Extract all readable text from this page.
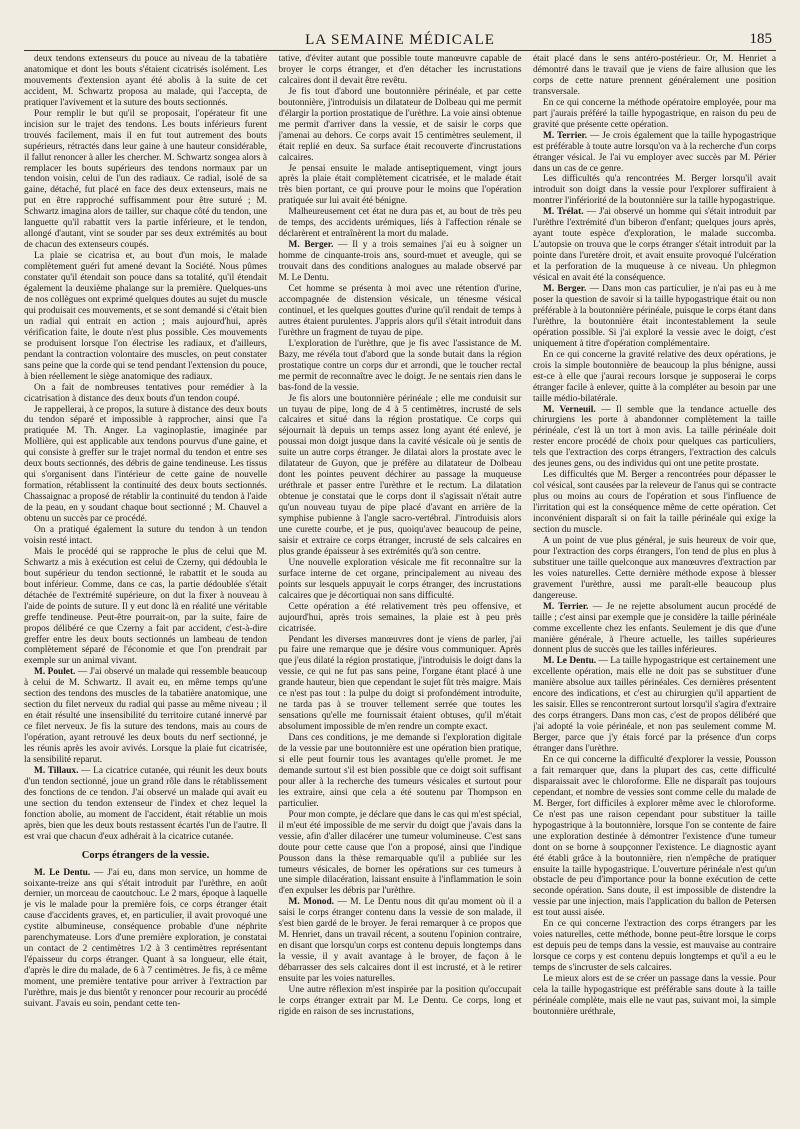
LA SEMAINE MÉDICALE	185

deux tendons extenseurs du pouce au niveau de la tabatière anatomique et dont les bouts s'étaient cicatrisés isolément. Les mouvements d'extension ayant été abolis à la suite de cet accident, M. Schwartz proposa au malade, qui l'accepta, de pratiquer l'avivement et la suture des bouts sectionnés.

Pour remplir le but qu'il se proposait, l'opérateur fit une incision sur le trajet des tendons. Les bouts inférieurs furent trouvés facilement, mais il en fut tout autrement des bouts supérieurs, rétractés dans leur gaine à une hauteur considérable, il fallut renoncer à aller les chercher. M. Schwartz songea alors à remplacer les bouts supérieurs des tendons normaux par un tendon voisin, celui de l'un des radiaux. Ce radial, isolé de sa gaine, détaché, fut placé en face des deux extenseurs, mais ne put en être rapproché suffisamment pour être suturé ; M. Schwartz imagina alors de tailler, sur chaque côté du tendon, une languette qu'il rabattit vers la partie inférieure, et le tendon, allongé d'autant, vint se souder par ses deux extrémités au bout de chacun des extenseurs coupés.

La plaie se cicatrisa et, au bout d'un mois, le malade complètement guéri fut amené devant la Société. Nous pûmes constater qu'il étendait son pouce dans sa totalité, qu'il étendait également la deuxième phalange sur la première. Quelques-uns de nos collègues ont exprimé quelques doutes au sujet du muscle qui produisait ces mouvements, et se sont demandé si c'était bien un radial qui entrait en action ; mais aujourd'hui, après vérification faite, le doute n'est plus possible. Ces mouvements se produisent lorsque l'on électrise les radiaux, et d'ailleurs, pendant la contraction volontaire des muscles, on peut constater sans peine que la corde qui se tend pendant l'extension du pouce, à bien réellement le siège anatomique des radiaux.

On a fait de nombreuses tentatives pour remédier à la cicatrisation à distance des deux bouts d'un tendon coupé.

Je rappellerai, à ce propos, la suture à distance des deux bouts du tendon séparé et impossible à rapprocher, ainsi que l'a pratiquée M. Th. Anger. La vaginoplastie, imaginée par Mollière, qui est applicable aux tendons pourvus d'une gaine, et qui consiste à greffer sur le trajet normal du tendon et entre ses deux bouts sectionnés, des débris de gaine tendineuse. Les tissus qui s'organisent dans l'intérieur de cette gaine de nouvelle formation, rétablissent la continuité des deux bouts sectionnés. Chassaignac a proposé de rétablir la continuité du tendon à l'aide de la peau, en y soudant chaque bout sectionné ; M. Chauvel a obtenu un succès par ce procédé.

On a pratiqué également la suture du tendon à un tendon voisin resté intact.

Mais le procédé qui se rapproche le plus de celui que M. Schwartz a mis à exécution est celui de Czerny, qui dédoubla le bout supérieur du tendon sectionné, le rabattit et le souda au bout inférieur. Comme, dans ce cas, la partie dédoublée s'était détachée de l'extrémité supérieure, on dut la fixer à nouveau à l'aide de points de suture. Il y eut donc là en réalité une véritable greffe tendineuse. Peut-être pourrait-on, par la suite, faire de propos délibéré ce que Czerny a fait par accident, c'est-à-dire greffer entre les deux bouts sectionnés un lambeau de tendon complètement séparé de l'économie et que l'on prendrait par exemple sur un animal vivant.

M. Poulet. — J'ai observé un malade qui ressemble beaucoup à celui de M. Schwartz. Il avait eu, en même temps qu'une section des tendons des muscles de la tabatière anatomique, une section du filet nerveux du radial qui passe au même niveau ; il en était résulté une insensibilité du territoire cutané innervé par ce filet nerveux. Je fis la suture des tendons, mais au cours de l'opération, ayant retrouvé les deux bouts du nerf sectionné, je les réunis après les avoir avivés. Lorsque la plaie fut cicatrisée, la sensibilité reparut.

M. Tillaux. — La cicatrice cutanée, qui réunit les deux bouts d'un tendon sectionné, joue un grand rôle dans le rétablissement des fonctions de ce tendon. J'ai observé un malade qui avait eu une section du tendon extenseur de l'index et chez lequel la fonction abolie, au moment de l'accident, était rétablie un mois après, bien que les deux bouts restassent écartés l'un de l'autre. Il est vrai que chacun d'eux adhérait à la cicatrice cutanée.

Corps étrangers de la vessie.

M. Le Dentu. — J'ai eu, dans mon service, un homme de soixante-treize ans qui s'était introduit par l'urèthre, en août dernier, un morceau de caoutchouc. Le 2 mars, époque à laquelle je vis le malade pour la première fois, ce corps étranger était cause d'accidents graves, et, en particulier, il avait provoqué une cystite albumineuse, conséquence probable d'une néphrite parenchymateuse. Lors d'une première exploration, je constatai un contact de 2 centimètres 1/2 à 3 centimètres représentant l'épaisseur du corps étranger. Quant à sa longueur, elle était, d'après le dire du malade, de 6 à 7 centimètres. Je fis, à ce même moment, une première tentative pour arriver à l'extraction par l'urèthre, mais je dus bientôt y renoncer pour recourir au procédé suivant. J'avais eu soin, pendant cette ten-

tative, d'éviter autant que possible toute manœuvre capable de broyer le corps étranger, et d'en détacher les incrustations calcaires dont il devait être revêtu.

Je fis tout d'abord une boutonnière périnéale, et par cette boutonnière, j'introduisis un dilatateur de Dolbeau qui me permit d'élargir la portion prostatique de l'urèthre. La voie ainsi obtenue me permit d'arriver dans la vessie, et de saisir le corps que j'amenai au dehors. Ce corps avait 15 centimètres seulement, il était replié en deux. Sa surface était recouverte d'incrustations calcaires.

Je pensai ensuite le malade antiseptiquement, vingt jours après la plaie était complètement cicatrisée, et le malade était très bien portant, ce qui prouve pour le moins que l'opération pratiquée sur lui avait été bénigne.

Malheureusement cet état ne dura pas et, au bout de très peu de temps, des accidents urémiques, liés à l'affection rénale se déclarèrent et entraînèrent la mort du malade.

M. Berger. — Il y a trois semaines j'ai eu à soigner un homme de cinquante-trois ans, sourd-muet et aveugle, qui se trouvait dans des conditions analogues au malade observé par M. Le Dentu.

Cet homme se présenta à moi avec une rétention d'urine, accompagnée de distension vésicale, un ténesme vésical continuel, et les quelques gouttes d'urine qu'il rendait de temps à autres étaient purulentes. J'appris alors qu'il s'était introduit dans l'urèthre un fragment de tuyau de pipe.

L'exploration de l'urèthre, que je fis avec l'assistance de M. Bazy, me révéla tout d'abord que la sonde butait dans la région prostatique contre un corps dur et arrondi, que le toucher rectal me permit de reconnaître avec le doigt. Je ne sentais rien dans le bas-fond de la vessie.

Je fis alors une boutonnière périnéale ; elle me conduisit sur un tuyau de pipe, long de 4 à 5 centimètres, incrusté de sels calcaires et situé dans la région prostatique. Ce corps qui séjournait là depuis un temps assez long ayant été enlevé, je poussai mon doigt jusque dans la cavité vésicale où je sentis de suite un autre corps étranger. Je dilatai alors la prostate avec le dilatateur de Guyon, que je préfère au dilatateur de Dolbeau dont les pointes peuvent déchirer au passage la muqueuse uréthrale et passer entre l'urèthre et le rectum. La dilatation obtenue je constatai que le corps dont il s'agissait n'était autre qu'un nouveau tuyau de pipe placé d'avant en arrière de la symphise pubienne à l'angle sacro-vertébral. J'introduisis alors une curette courbe, et je pus, quoiqu'avec beaucoup de peine, saisir et extraire ce corps étranger, incrusté de sels calcaires en plus grande épaisseur à ses extrémités qu'à son centre.

Une nouvelle exploration vésicale me fit reconnaître sur la surface interne de cet organe, principalement au niveau des points sur lesquels appuyait le corps étranger, des incrustations calcaires que je décortiquai non sans difficulté.

Cette opération a été relativement très peu offensive, et aujourd'hui, après trois semaines, la plaie est à peu près cicatrisée.

Pendant les diverses manœuvres dont je viens de parler, j'ai pu faire une remarque que je désire vous communiquer. Après que j'eus dilaté la région prostatique, j'introduisis le doigt dans la vessie, ce qui ne fut pas sans peine, l'organe étant placé à une grande hauteur, bien que cependant le sujet fût très maigre. Mais ce n'est pas tout : la pulpe du doigt si profondément introduite, ne tarda pas à se trouver tellement serrée que toutes les sensations qu'elle me fournissait étaient obtuses, qu'il m'était absolument impossible de m'en rendre un compte exact.

Dans ces conditions, je me demande si l'exploration digitale de la vessie par une boutonnière est une opération bien pratique, si elle peut fournir tous les avantages qu'elle promet. Je me demande surtout s'il est bien possible que ce doigt soit suffisant pour aller à la recherche des tumeurs vésicales et surtout pour les extraire, ainsi que cela a été soutenu par Thompson en particulier.

Pour mon compte, je déclare que dans le cas qui m'est spécial, il m'eut été impossible de me servir du doigt que j'avais dans la vessie, afin d'aller dilacérer une tumeur volumineuse. C'est sans doute pour cette cause que l'on a proposé, ainsi que l'indique Pousson dans la thèse remarquable qu'il a publiée sur les tumeurs vésicales, de borner les opérations sur ces tumeurs à une simple dilacération, laissant ensuite à l'inflammation le soin d'en expulser les débris par l'urèthre.

M. Monod. — M. Le Dentu nous dit qu'au moment où il a saisi le corps étranger contenu dans la vessie de son malade, il s'est bien gardé de le broyer. Je ferai remarquer à ce propos que M. Henriet, dans un travail récent, a soutenu l'opinion contraire, en disant que lorsqu'un corps est contenu depuis longtemps dans la vessie, il y avait avantage à le broyer, de façon à le débarrasser des sels calcaires dont il est incrusté, et à le retirer ensuite par les voies naturelles.

Une autre réflexion m'est inspirée par la position qu'occupait le corps étranger extrait par M. Le Dentu. Ce corps, long et rigide en raison de ses incrustations,

était placé dans le sens antéro-postérieur. Or, M. Henriet a démontré dans le travail que je viens de faire allusion que les corps de cette nature prennent généralement une position transversale.

En ce qui concerne la méthode opératoire employée, pour ma part j'aurais préféré la taille hypogastrique, en raison du peu de gravité que présente cette opération.

M. Terrier. — Je crois également que la taille hypogastrique est préférable à toute autre lorsqu'on va à la recherche d'un corps étranger vésical. Je l'ai vu employer avec succès par M. Périer dans un cas de ce genre.

Les difficultés qu'a rencontrées M. Berger lorsqu'il avait introduit son doigt dans la vessie pour l'explorer suffiraient à montrer l'infériorité de la boutonnière sur la taille hypogastrique.

M. Trélat. — J'ai observé un homme qui s'était introduit par l'urèthre l'extrémité d'un biberon d'enfant; quelques jours après, ayant toute espèce d'exploration, le malade succomba. L'autopsie on trouva que le corps étranger s'était introduit par la pointe dans l'uretère droit, et avait ensuite provoqué l'ulcération et la perforation de la muqueuse à ce niveau. Un phlegmon vésical en avait été la conséquence.

M. Berger. — Dans mon cas particulier, je n'ai pas eu à me poser la question de savoir si la taille hypogastrique était ou non préférable à la boutonnière périnéale, puisque le corps étant dans l'urèthre, la boutonnière était incontestablement la seule opération possible. Si j'ai exploré la vessie avec le doigt, c'est uniquement à titre d'opération complémentaire.

En ce qui concerne la gravité relative des deux opérations, je crois la simple boutonnière de beaucoup la plus bénigne, aussi est-ce à elle que j'aurai recours lorsque je supposerai le corps étranger facile à enlever, quitte à la compléter au besoin par une taille médio-bilatérale.

M. Verneuil. — Il semble que la tendance actuelle des chirurgiens les porte à abandonner complètement la taille périnéale, c'est là un tort à mon avis. La taille périnéale doit rester encore procédé de choix pour quelques cas particuliers, tels que l'extraction des corps étrangers, l'extraction des calculs des jeunes gens, ou des individus qui ont une petite prostate.

Les difficultés que M. Berger a rencontrées pour dépasser le col vésical, sont causées par la releveur de l'anus qui se contracte plus ou moins au cours de l'opération et sous l'influence de l'irritation qui est la conséquence même de cette opération. Cet inconvénient disparaît si on fait la taille périnéale qui exige la section du muscle.

A un point de vue plus général, je suis heureux de voir que, pour l'extraction des corps étrangers, l'on tend de plus en plus à substituer une taille quelconque aux manœuvres d'extraction par les voies naturelles. Cette dernière méthode expose à blesser gravement l'urèthre, aussi me paraît-elle beaucoup plus dangereuse.

M. Terrier. — Je ne rejette absolument aucun procédé de taille ; c'est ainsi par exemple que je considère la taille périnéale comme excellente chez les enfants. Seulement je dis que d'une manière générale, à l'heure actuelle, les tailles supérieures donnent plus de succès que les tailles inférieures.

M. Le Dentu. — La taille hypogastrique est certainement une excellente opération, mais elle ne doit pas se substituer d'une manière absolue aux tailles périnéales. Ces dernières présentent encore des indications, et c'est au chirurgien qu'il appartient de les saisir. Elles se rencontreront surtout lorsqu'il s'agira d'extraire des corps étrangers. Dans mon cas, c'est de propos délibéré que j'ai adopté la voie périnéale, et non pas seulement comme M. Berger, parce que j'y étais forcé par la présence d'un corps étranger dans l'urèthre.

En ce qui concerne la difficulté d'explorer la vessie, Pousson a fait remarquer que, dans la plupart des cas, cette difficulté disparaissait avec le chloroforme. Elle ne disparaît pas toujours cependant, et nombre de vessies sont comme celle du malade de M. Berger, fort difficiles à explorer même avec le chloroforme. Ce n'est pas une raison cependant pour substituer la taille hypogastrique à la boutonnière, lorsque l'on se contente de faire une exploration destinée à démontrer l'existence d'une tumeur dont on se borne à soupçonner l'existence. Le diagnostic ayant été établi grâce à la boutonnière, rien n'empêche de pratiquer ensuite la taille hypogastrique. L'ouverture périnéale n'est qu'un obstacle de peu d'importance pour la bonne exécution de cette seconde opération. Sans doute, il est impossible de distendre la vessie par une injection, mais l'application du ballon de Petersen est tout aussi aisée.

En ce qui concerne l'extraction des corps étrangers par les voies naturelles, cette méthode, bonne peut-être lorsque le corps est depuis peu de temps dans la vessie, est mauvaise au contraire lorsque ce corps y est contenu depuis longtemps et qu'il a eu le temps de s'incruster de sels calcaires.

Le mieux alors est de se créer un passage dans la vessie. Pour cela la taille hypogastrique est préférable sans doute à la taille périnéale complète, mais elle ne vaut pas, suivant moi, la simple boutonnière uréthrale,
